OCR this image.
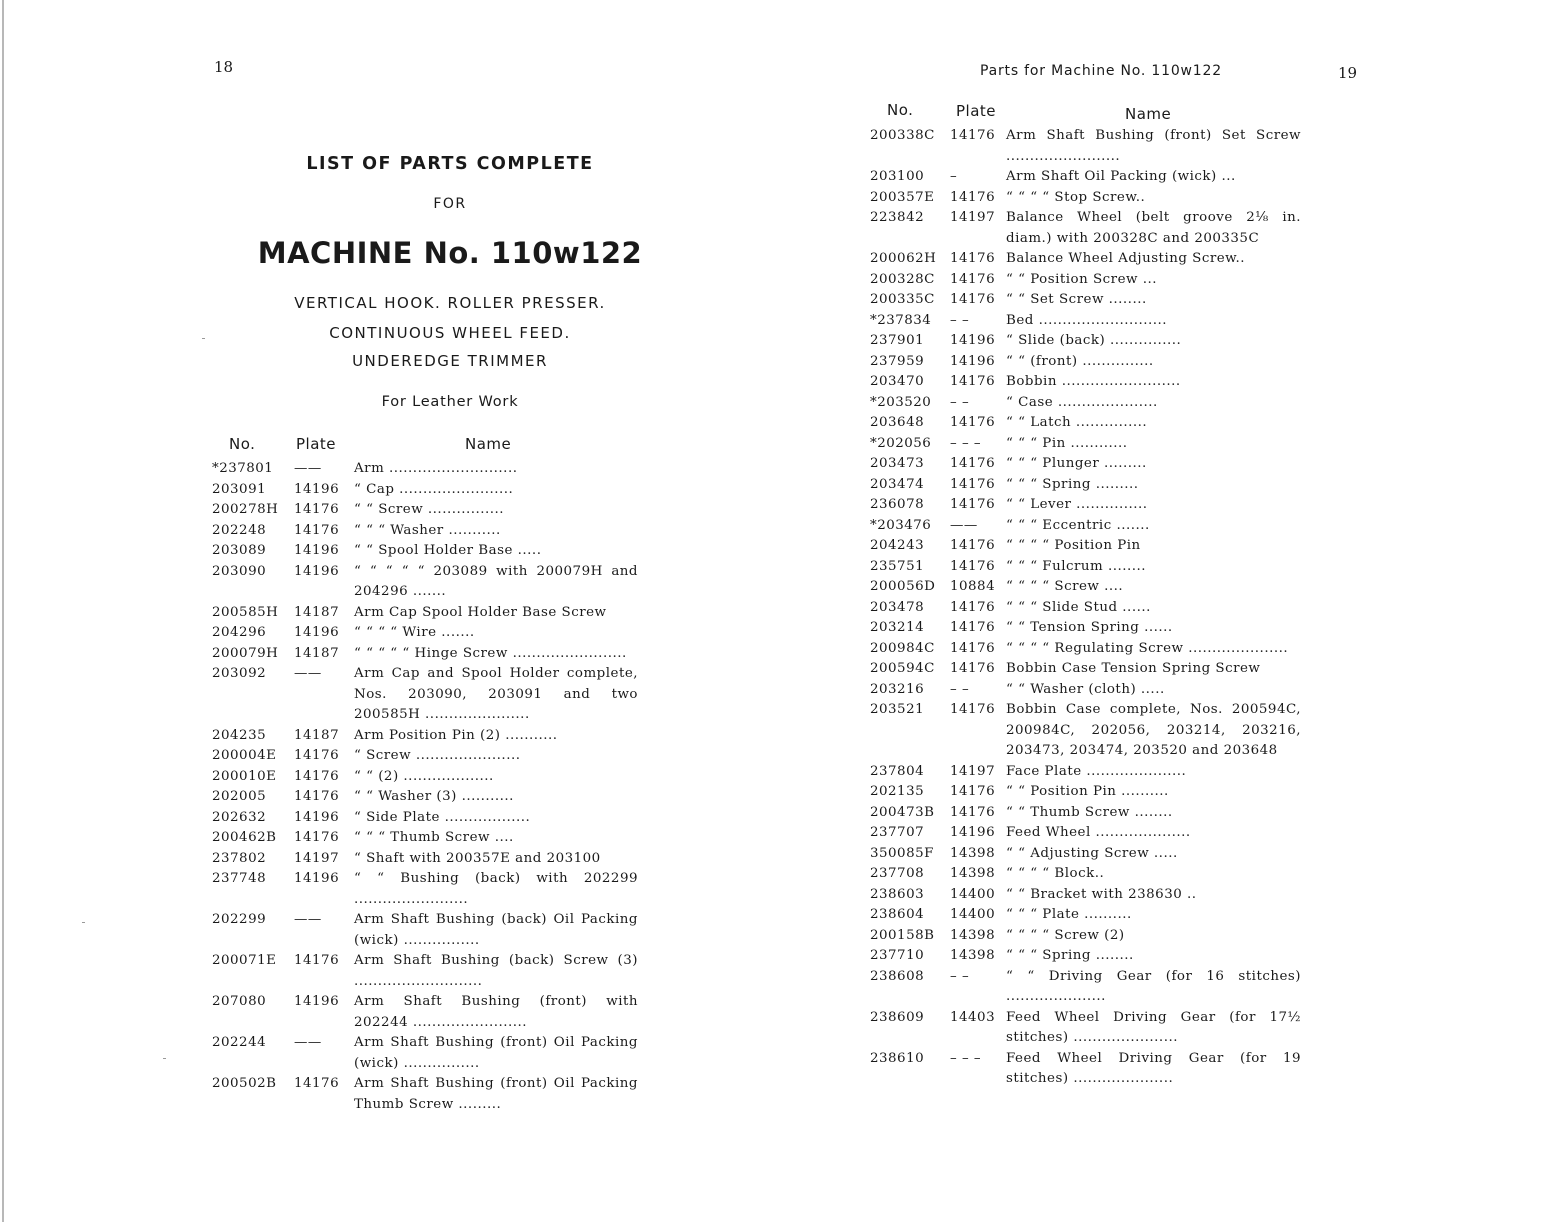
18
LIST OF PARTS COMPLETE
FOR
MACHINE No. 110w122
VERTICAL HOOK. ROLLER PRESSER.
CONTINUOUS WHEEL FEED.
UNDEREDGE TRIMMER
For Leather Work
No.	Plate	Name
*237801 —— Arm ...........................
203091 14196 “ Cap ........................
200278H 14176 “ “ Screw ................
202248 14176 “ “ “ Washer ...........
203089 14196 “ “ Spool Holder Base .....
203090 14196 “ “ “ “ “ 203089 with 200079H and 204296 .......
200585H 14187 Arm Cap Spool Holder Base Screw
204296 14196 “ “ “ “ Wire .......
200079H 14187 “ “ “ “ “ Hinge Screw ........................
203092 —— Arm Cap and Spool Holder complete, Nos. 203090, 203091 and two 200585H ......................
204235 14187 Arm Position Pin (2) ...........
200004E 14176 “ Screw ......................
200010E 14176 “ “ (2) ...................
202005 14176 “ “ Washer (3) ...........
202632 14196 “ Side Plate ..................
200462B 14176 “ “ “ Thumb Screw ....
237802 14197 “ Shaft with 200357E and 203100
237748 14196 “ “ Bushing (back) with 202299 ........................
202299 —— Arm Shaft Bushing (back) Oil Packing (wick) ................
200071E 14176 Arm Shaft Bushing (back) Screw (3) ...........................
207080 14196 Arm Shaft Bushing (front) with 202244 ........................
202244 —— Arm Shaft Bushing (front) Oil Packing (wick) ................
200502B 14176 Arm Shaft Bushing (front) Oil Packing Thumb Screw .........
Parts for Machine No. 110w122	19
No.	Plate	Name
200338C 14176 Arm Shaft Bushing (front) Set Screw ........................
203100 –	Arm Shaft Oil Packing (wick) ...
200357E 14176 “ “ “ “ Stop Screw..
223842 14197 Balance Wheel (belt groove 2⅛ in. diam.) with 200328C and 200335C
200062H 14176 Balance Wheel Adjusting Screw..
200328C 14176 “ “ Position Screw ...
200335C 14176 “ “ Set Screw ........
*237834 – –	Bed ...........................
237901 14196 “ Slide (back) ...............
237959 14196 “ “ (front) ...............
203470 14176 Bobbin .........................
*203520 – –	“ Case .....................
203648 14176 “ “ Latch ...............
*202056 – – – “ “ “ Pin ............
203473 14176 “ “ “ Plunger .........
203474 14176 “ “ “ Spring .........
236078 14176 “ “ Lever ...............
*203476 —— “ “ “ Eccentric .......
204243 14176 “ “ “ “ Position Pin
235751 14176 “ “ “ Fulcrum ........
200056D 10884 “ “ “ “ Screw ....
203478 14176 “ “ “ Slide Stud ......
203214 14176 “ “ Tension Spring ......
200984C 14176 “ “ “ “ Regulating Screw .....................
200594C 14176 Bobbin Case Tension Spring Screw
203216 – –	“ “ Washer (cloth) .....
203521 14176 Bobbin Case complete, Nos. 200594C, 200984C, 202056, 203214, 203216, 203473, 203474, 203520 and 203648
237804 14197 Face Plate .....................
202135 14176 “ “ Position Pin ..........
200473B 14176 “ “ Thumb Screw ........
237707 14196 Feed Wheel ....................
350085F 14398 “ “ Adjusting Screw .....
237708 14398 “ “ “ “ Block..
238603 14400 “ “ Bracket with 238630 ..
238604 14400 “ “ “ Plate ..........
200158B 14398 “ “ “ “ Screw (2)
237710 14398 “ “ “ Spring ........
238608 – –	“ “ Driving Gear (for 16 stitches) .....................
238609 14403 Feed Wheel Driving Gear (for 17½ stitches) ......................
238610 – – – Feed Wheel Driving Gear (for 19 stitches) .....................
